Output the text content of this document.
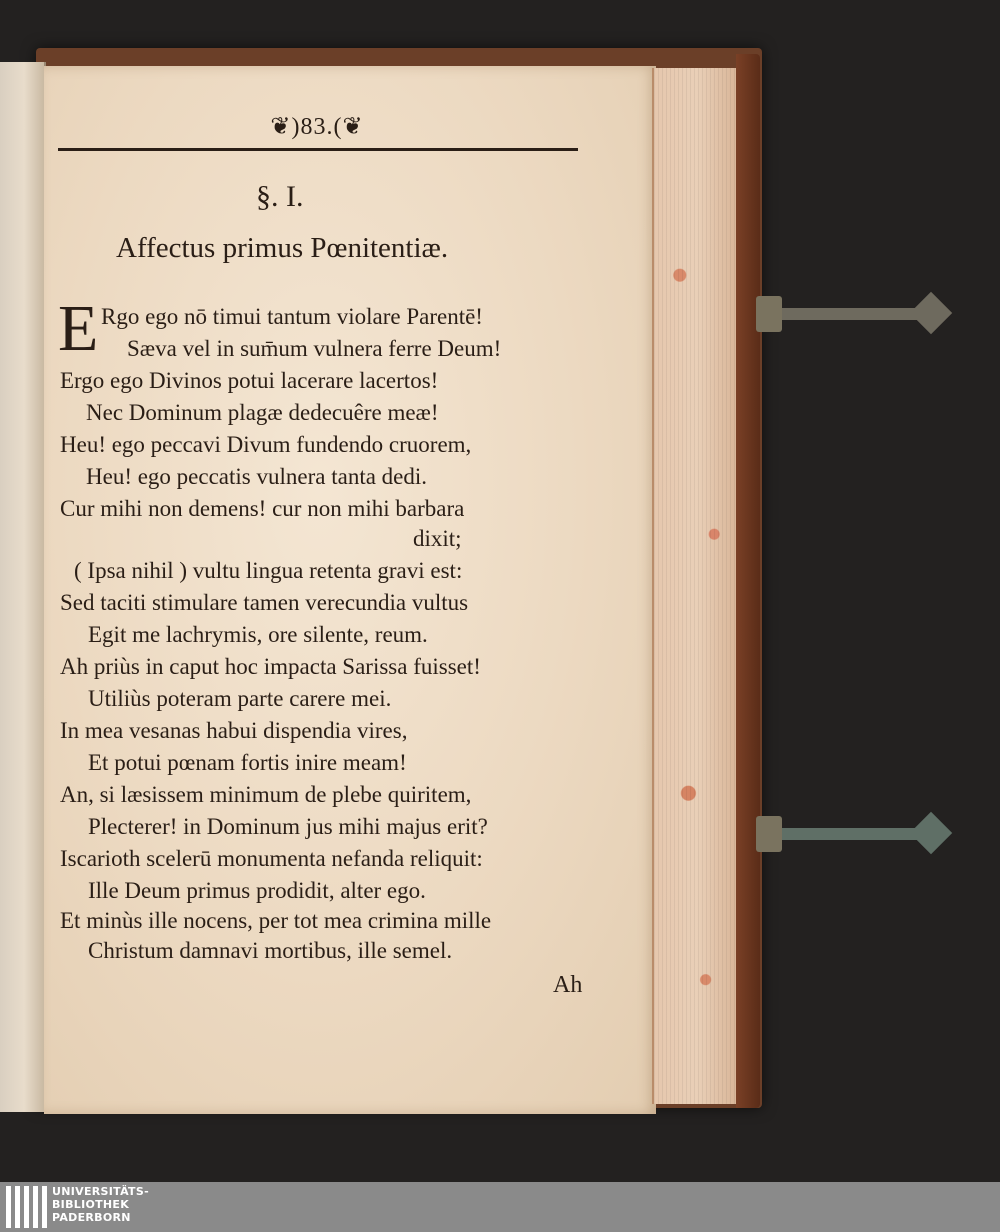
❦)83.(❦
§. I.
Affectus primus Pœnitentiæ.
E Rgo ego nō timui tantum violare Parentē!
Sæva vel in sum̄um vulnera ferre Deum!
Ergo ego Divinos potui lacerare lacertos!
Nec Dominum plagæ dedecuêre meæ!
Heu! ego peccavi Divum fundendo cruorem,
Heu! ego peccatis vulnera tanta dedi.
Cur mihi non demens! cur non mihi barbara
dixit;
( Ipsa nihil ) vultu lingua retenta gravi est:
Sed taciti stimulare tamen verecundia vultus
Egit me lachrymis, ore silente, reum.
Ah priùs in caput hoc impacta Sarissa fuisset!
Utiliùs poteram parte carere mei.
In mea vesanas habui dispendia vires,
Et potui pœnam fortis inire meam!
An, si læsissem minimum de plebe quiritem,
Plecterer! in Dominum jus mihi majus erit?
Iscarioth scelerū monumenta nefanda reliquit:
Ille Deum primus prodidit, alter ego.
Et minùs ille nocens, per tot mea crimina mille
Christum damnavi mortibus, ille semel.
Ah
UNIVERSITÄTS-
BIBLIOTHEK
PADERBORN
